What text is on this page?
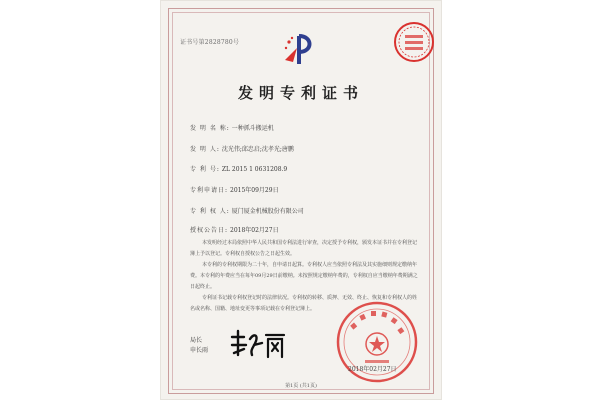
证书号第2828780号
发明专利证书
发 明 名 称: 一种抓斗搬运机
发 明 人: 沈光伟;邱忠启;沈孝光;唐鹏
专 利 号: ZL 2015 1 0631208.9
专利申请日: 2015年09月29日
专 利 权 人: 厦门厦金机械股份有限公司
授权公告日: 2018年02月27日

本发明经过本局依照中华人民共和国专利法进行审查，决定授予专利权，颁发本证书并在专利登记簿上予以登记。专利权自授权公告之日起生效。

本专利的专利权期限为二十年，自申请日起算。专利权人应当依照专利法及其实施细则规定缴纳年费。本专利的年费应当在每年09月29日前缴纳。未按照规定缴纳年费的，专利权自应当缴纳年费期满之日起终止。

专利证书记载专利权登记时的法律状况。专利权的转移、质押、无效、终止、恢复和专利权人的姓名或名称、国籍、地址变更等事项记载在专利登记簿上。

局长
申长雨
2018年02月27日
第1页 (共1页)
